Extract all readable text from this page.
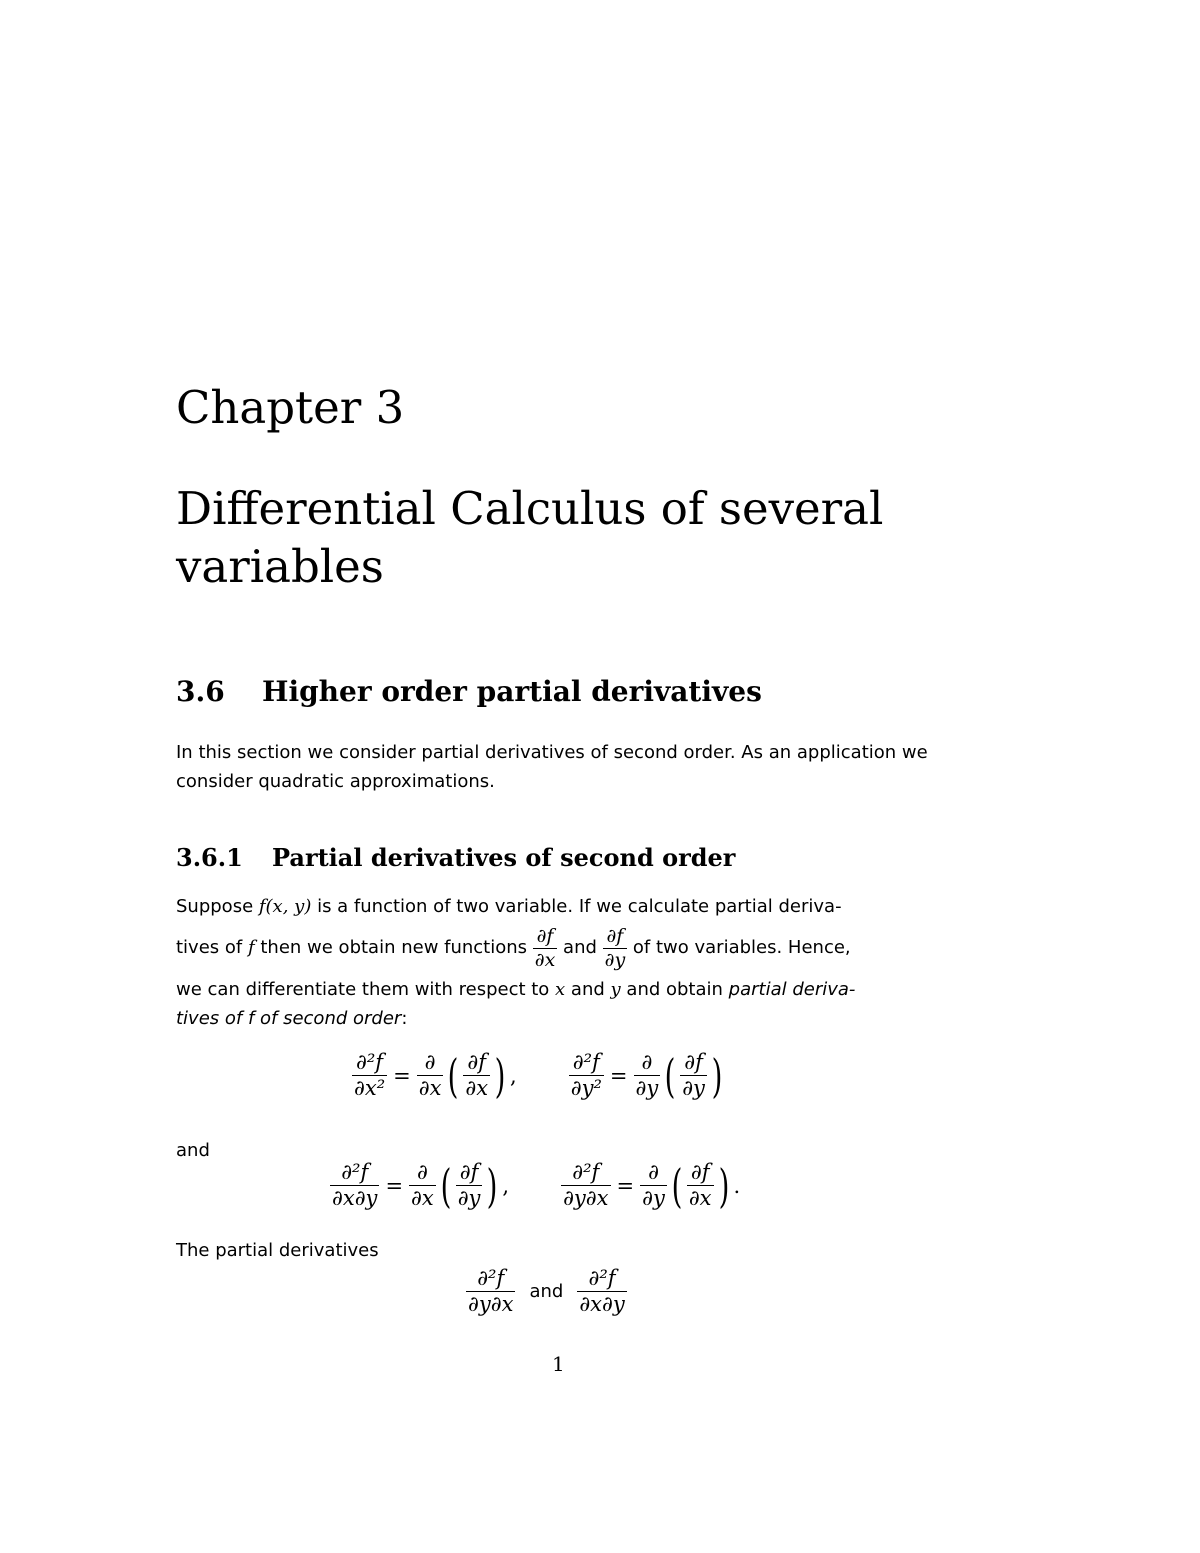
Chapter 3
Differential Calculus of several variables
3.6 Higher order partial derivatives
In this section we consider partial derivatives of second order. As an application we consider quadratic approximations.
3.6.1 Partial derivatives of second order
Suppose f(x, y) is a function of two variable. If we calculate partial deriva-
tives of f then we obtain new functions $\frac{\partial f}{\partial x}$ and $\frac{\partial f}{\partial y}$ of two variables. Hence,
we can differentiate them with respect to x and y and obtain partial deriva-
tives of f of second order:
$\frac{\text{∂²f}}{\text{∂x²}} = \frac{\partial}{\partial x}$ ( $\frac{\partial f}{\partial x}$ ) , $\frac{\text{∂²f}}{\text{∂y²}} = \frac{\partial}{\partial y}$ ( $\frac{\partial f}{\partial y}$ )
and
$\frac{\text{∂²f}}{\partial x\partial y} = \frac{\partial}{\partial x}$ ( $\frac{\partial f}{\partial y}$ ) , $\frac{\text{∂²f}}{\partial y\partial x} = \frac{\partial}{\partial y}$ ( $\frac{\partial f}{\partial x}$ ) .
The partial derivatives
$\frac{\text{∂²f}}{\partial y\partial x}$ and $\frac{\text{∂²f}}{\partial x\partial y}$
1
